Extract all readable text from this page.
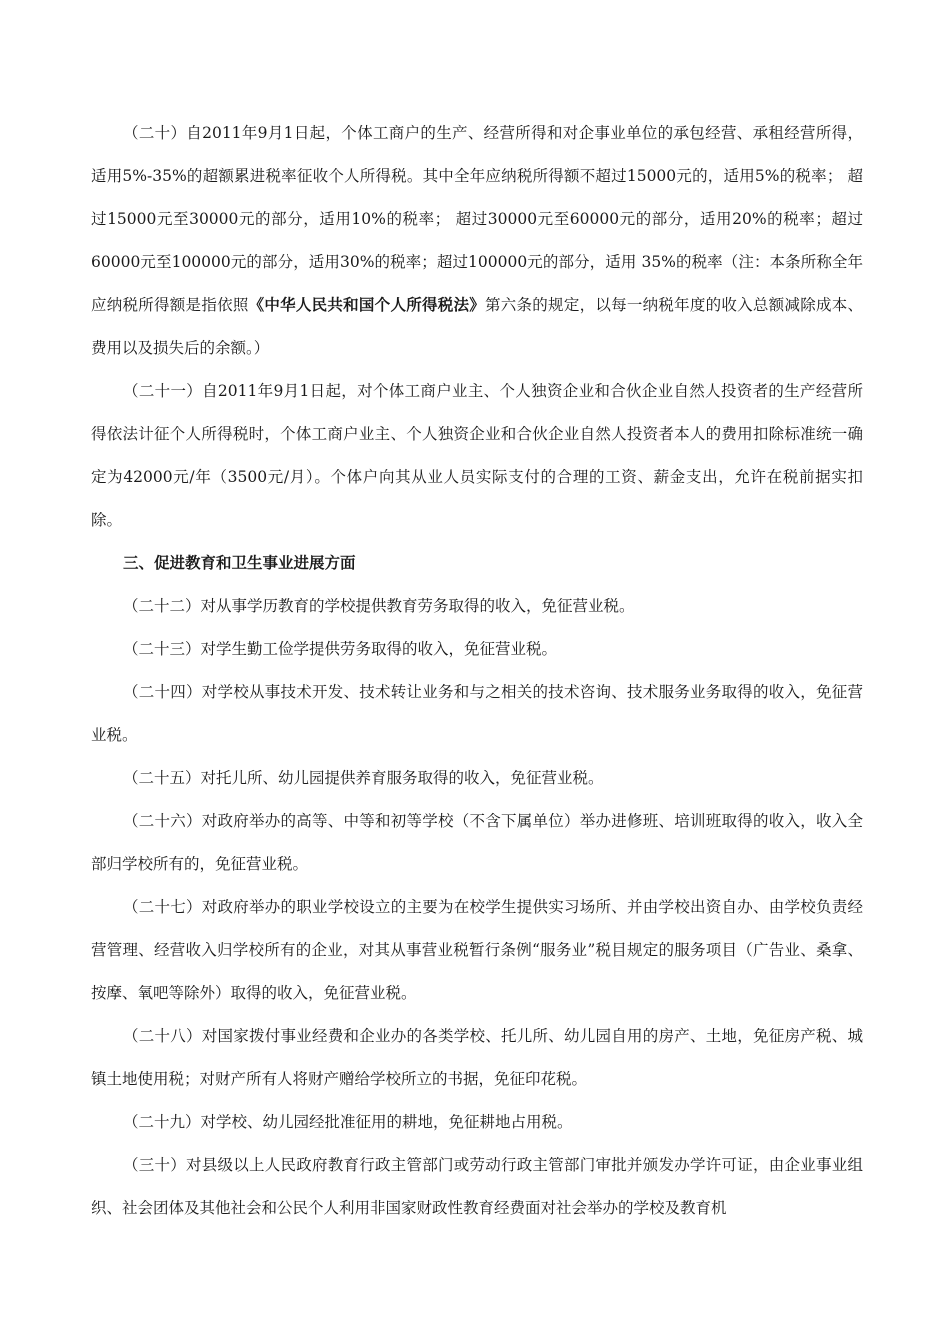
（二十）自2011年9月1日起，个体工商户的生产、经营所得和对企事业单位的承包经营、承租经营所得，适用5%-35%的超额累进税率征收个人所得税。其中全年应纳税所得额不超过15000元的，适用5%的税率； 超过15000元至30000元的部分，适用10%的税率； 超过30000元至60000元的部分，适用20%的税率；超过60000元至100000元的部分，适用30%的税率；超过100000元的部分，适用 35%的税率（注：本条所称全年应纳税所得额是指依照《中华人民共和国个人所得税法》第六条的规定，以每一纳税年度的收入总额减除成本、费用以及损失后的余额。）

（二十一）自2011年9月1日起，对个体工商户业主、个人独资企业和合伙企业自然人投资者的生产经营所得依法计征个人所得税时，个体工商户业主、个人独资企业和合伙企业自然人投资者本人的费用扣除标准统一确定为42000元/年（3500元/月）。个体户向其从业人员实际支付的合理的工资、薪金支出，允许在税前据实扣除。

三、促进教育和卫生事业进展方面

（二十二）对从事学历教育的学校提供教育劳务取得的收入，免征营业税。

（二十三）对学生勤工俭学提供劳务取得的收入，免征营业税。

（二十四）对学校从事技术开发、技术转让业务和与之相关的技术咨询、技术服务业务取得的收入，免征营业税。

（二十五）对托儿所、幼儿园提供养育服务取得的收入，免征营业税。

（二十六）对政府举办的高等、中等和初等学校（不含下属单位）举办进修班、培训班取得的收入，收入全部归学校所有的，免征营业税。

（二十七）对政府举办的职业学校设立的主要为在校学生提供实习场所、并由学校出资自办、由学校负责经营管理、经营收入归学校所有的企业，对其从事营业税暂行条例“服务业”税目规定的服务项目（广告业、桑拿、按摩、氧吧等除外）取得的收入，免征营业税。

（二十八）对国家拨付事业经费和企业办的各类学校、托儿所、幼儿园自用的房产、土地，免征房产税、城镇土地使用税；对财产所有人将财产赠给学校所立的书据，免征印花税。

（二十九）对学校、幼儿园经批准征用的耕地，免征耕地占用税。

（三十）对县级以上人民政府教育行政主管部门或劳动行政主管部门审批并颁发办学许可证，由企业事业组织、社会团体及其他社会和公民个人利用非国家财政性教育经费面对社会举办的学校及教育机
